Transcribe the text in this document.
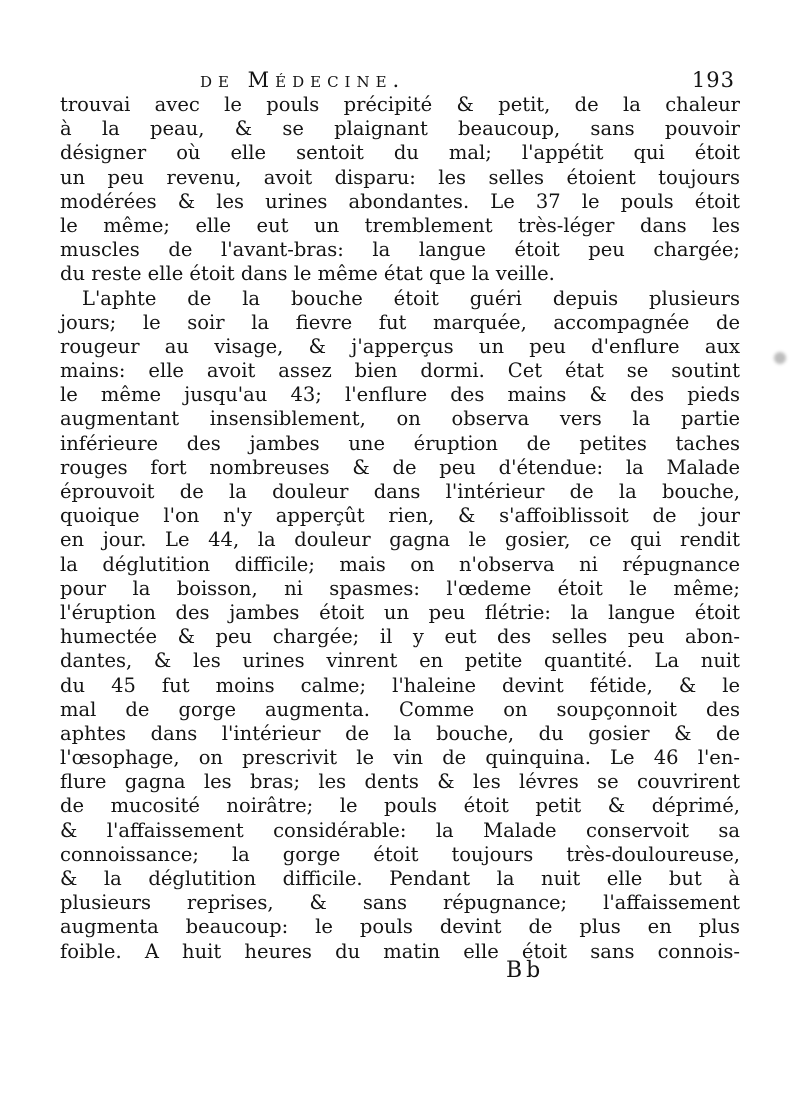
de Médecine.	193
trouvai avec le pouls précipité & petit, de la chaleur
à la peau, & se plaignant beaucoup, sans pouvoir
désigner où elle sentoit du mal; l'appétit qui étoit
un peu revenu, avoit disparu: les selles étoient toujours
modérées & les urines abondantes. Le 37 le pouls étoit
le même; elle eut un tremblement très-léger dans les
muscles de l'avant-bras: la langue étoit peu chargée;
du reste elle étoit dans le même état que la veille.
L'aphte de la bouche étoit guéri depuis plusieurs
jours; le soir la fievre fut marquée, accompagnée de
rougeur au visage, & j'apperçus un peu d'enflure aux
mains: elle avoit assez bien dormi. Cet état se soutint
le même jusqu'au 43; l'enflure des mains & des pieds
augmentant insensiblement, on observa vers la partie
inférieure des jambes une éruption de petites taches
rouges fort nombreuses & de peu d'étendue: la Malade
éprouvoit de la douleur dans l'intérieur de la bouche,
quoique l'on n'y apperçût rien, & s'affoiblissoit de jour
en jour. Le 44, la douleur gagna le gosier, ce qui rendit
la déglutition difficile; mais on n'observa ni répugnance
pour la boisson, ni spasmes: l'œdeme étoit le même;
l'éruption des jambes étoit un peu flétrie: la langue étoit
humectée & peu chargée; il y eut des selles peu abon-
dantes, & les urines vinrent en petite quantité. La nuit
du 45 fut moins calme; l'haleine devint fétide, & le
mal de gorge augmenta. Comme on soupçonnoit des
aphtes dans l'intérieur de la bouche, du gosier & de
l'œsophage, on prescrivit le vin de quinquina. Le 46 l'en-
flure gagna les bras; les dents & les lévres se couvrirent
de mucosité noirâtre; le pouls étoit petit & déprimé,
& l'affaissement considérable: la Malade conservoit sa
connoissance; la gorge étoit toujours très-douloureuse,
& la déglutition difficile. Pendant la nuit elle but à
plusieurs reprises, & sans répugnance; l'affaissement
augmenta beaucoup: le pouls devint de plus en plus
foible. A huit heures du matin elle étoit sans connois-
Bb
